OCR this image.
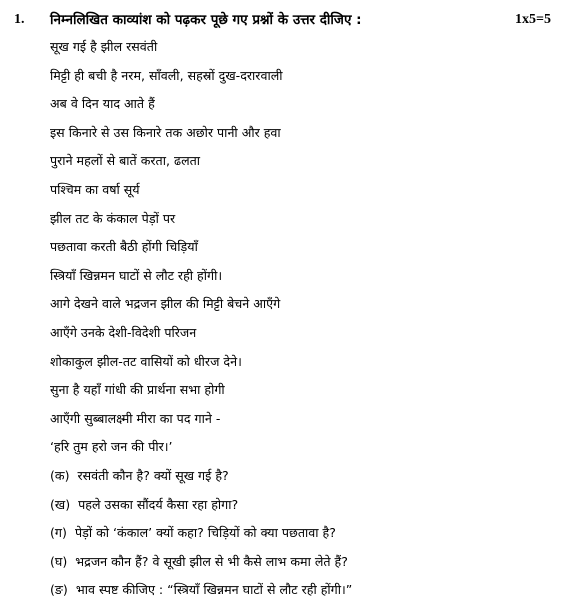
1. निम्नलिखित काव्यांश को पढ़कर पूछे गए प्रश्नों के उत्तर दीजिए :	1x5=5
सूख गई है झील रसवंती
मिट्टी ही बची है नरम, साँवली, सहस्रों दुख-दरारवाली
अब वे दिन याद आते हैं
इस किनारे से उस किनारे तक अछोर पानी और हवा
पुराने महलों से बातें करता, ढलता
पश्चिम का वर्षा सूर्य
झील तट के कंकाल पेड़ों पर
पछतावा करती बैठी होंगी चिड़ियाँ
स्त्रियाँ खिन्नमन घाटों से लौट रही होंगी।
आगे देखने वाले भद्रजन झील की मिट्टी बेचने आएँगे
आएँगे उनके देशी-विदेशी परिजन
शोकाकुल झील-तट वासियों को धीरज देने।
सुना है यहाँ गांधी की प्रार्थना सभा होगी
आएँगी सुब्बालक्ष्मी मीरा का पद गाने -
‘हरि तुम हरो जन की पीर।’
(क) रसवंती कौन है? क्यों सूख गई है?
(ख) पहले उसका सौंदर्य कैसा रहा होगा?
(ग) पेड़ों को ‘कंकाल’ क्यों कहा? चिड़ियों को क्या पछतावा है?
(घ) भद्रजन कौन हैं? वे सूखी झील से भी कैसे लाभ कमा लेते हैं?
(ङ) भाव स्पष्ट कीजिए : “स्त्रियाँ खिन्नमन घाटों से लौट रही होंगी।”
